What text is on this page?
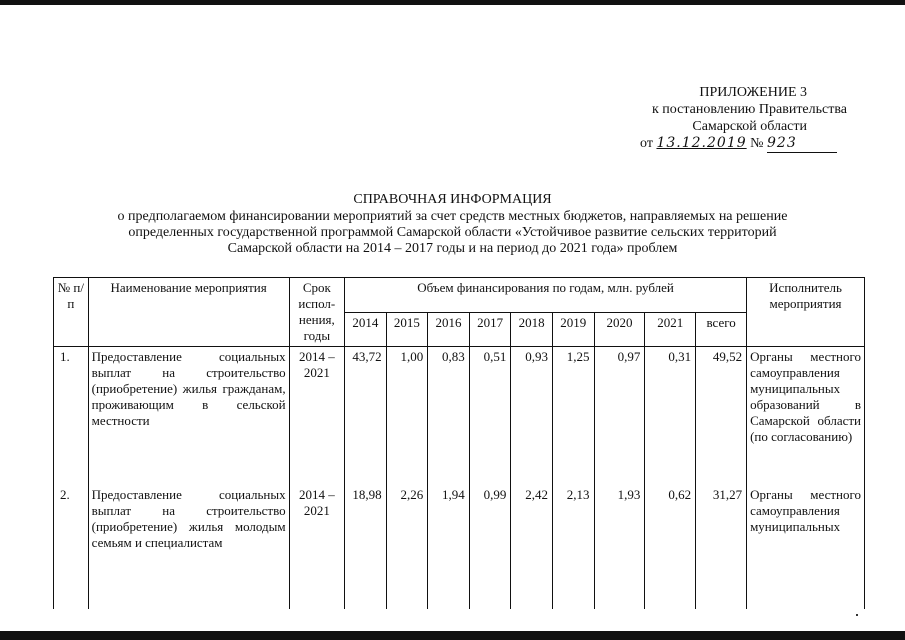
ПРИЛОЖЕНИЕ 3
к постановлению Правительства
Самарской области
от 13.12.2019 № 923
СПРАВОЧНАЯ ИНФОРМАЦИЯ
о предполагаемом финансировании мероприятий за счет средств местных бюджетов, направляемых на решение
определенных государственной программой Самарской области «Устойчивое развитие сельских территорий
Самарской области на 2014 – 2017 годы и на период до 2021 года» проблем
№ п/п	Наименование мероприятия	Срок испол-нения, годы	Объем финансирования по годам, млн. рублей									Исполнитель мероприятия
			2014	2015	2016	2017	2018	2019	2020	2021	всего	
1.	Предоставление социальных выплат на строительство (приобретение) жилья гражданам, проживающим в сельской местности	2014 – 2021	43,72	1,00	0,83	0,51	0,93	1,25	0,97	0,31	49,52	Органы местного самоуправления муниципальных образований в Самарской области (по согласованию)
2.	Предоставление социальных выплат на строительство (приобретение) жилья молодым семьям и специалистам	2014 – 2021	18,98	2,26	1,94	0,99	2,42	2,13	1,93	0,62	31,27	Органы местного самоуправления муниципальных
